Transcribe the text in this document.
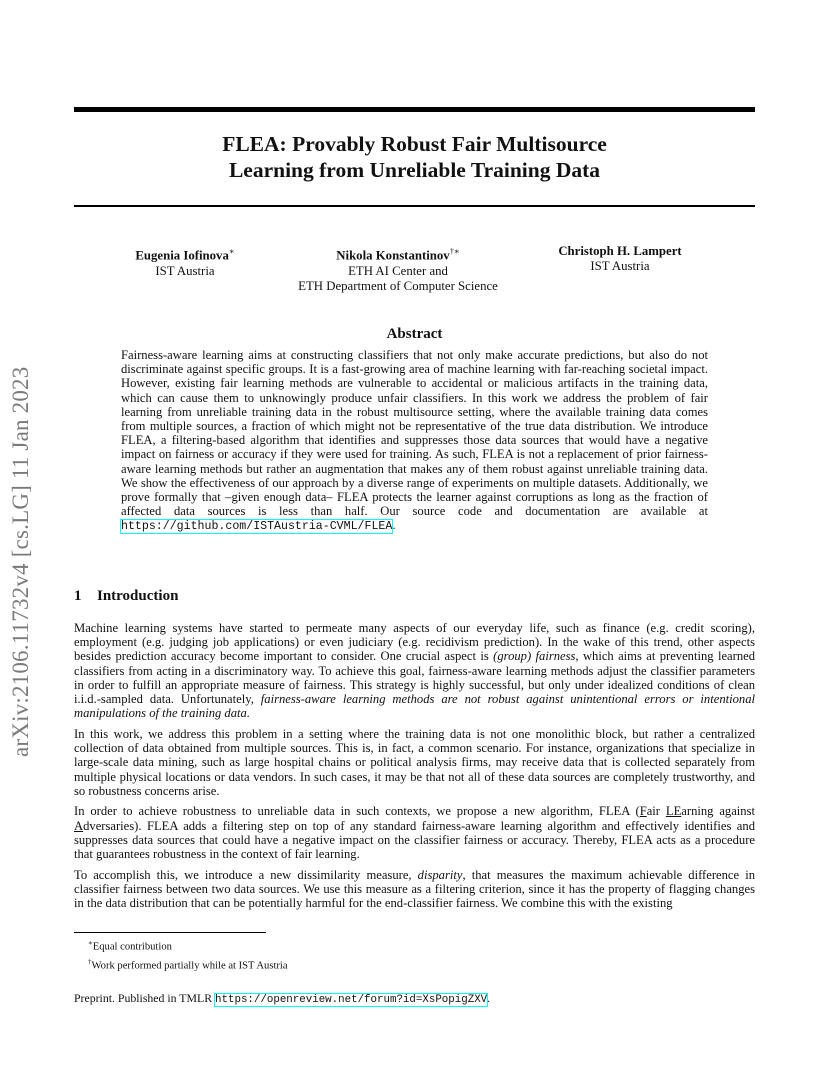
arXiv:2106.11732v4 [cs.LG] 11 Jan 2023
FLEA: Provably Robust Fair Multisource
Learning from Unreliable Training Data
Eugenia Iofinova∗
IST Austria
Nikola Konstantinov†∗
ETH AI Center and
ETH Department of Computer Science
Christoph H. Lampert
IST Austria
Abstract

Fairness-aware learning aims at constructing classifiers that not only make accurate predictions, but also do not discriminate against specific groups. It is a fast-growing area of machine learning with far-reaching societal impact. However, existing fair learning methods are vulnerable to accidental or malicious artifacts in the training data, which can cause them to unknowingly produce unfair classifiers. In this work we address the problem of fair learning from unreliable training data in the robust multisource setting, where the available training data comes from multiple sources, a fraction of which might not be representative of the true data distribution. We introduce FLEA, a filtering-based algorithm that identifies and suppresses those data sources that would have a negative impact on fairness or accuracy if they were used for training. As such, FLEA is not a replacement of prior fairness-aware learning methods but rather an augmentation that makes any of them robust against unreliable training data. We show the effectiveness of our approach by a diverse range of experiments on multiple datasets. Additionally, we prove formally that –given enough data– FLEA protects the learner against corruptions as long as the fraction of affected data sources is less than half. Our source code and documentation are available at https://github.com/ISTAustria-CVML/FLEA.

1 Introduction

Machine learning systems have started to permeate many aspects of our everyday life, such as finance (e.g. credit scoring), employment (e.g. judging job applications) or even judiciary (e.g. recidivism prediction). In the wake of this trend, other aspects besides prediction accuracy become important to consider. One crucial aspect is (group) fairness, which aims at preventing learned classifiers from acting in a discriminatory way. To achieve this goal, fairness-aware learning methods adjust the classifier parameters in order to fulfill an appropriate measure of fairness. This strategy is highly successful, but only under idealized conditions of clean i.i.d.-sampled data. Unfortunately, fairness-aware learning methods are not robust against unintentional errors or intentional manipulations of the training data.

In this work, we address this problem in a setting where the training data is not one monolithic block, but rather a centralized collection of data obtained from multiple sources. This is, in fact, a common scenario. For instance, organizations that specialize in large-scale data mining, such as large hospital chains or political analysis firms, may receive data that is collected separately from multiple physical locations or data vendors. In such cases, it may be that not all of these data sources are completely trustworthy, and so robustness concerns arise.

In order to achieve robustness to unreliable data in such contexts, we propose a new algorithm, FLEA (Fair LEarning against Adversaries). FLEA adds a filtering step on top of any standard fairness-aware learning algorithm and effectively identifies and suppresses data sources that could have a negative impact on the classifier fairness or accuracy. Thereby, FLEA acts as a procedure that guarantees robustness in the context of fair learning.

To accomplish this, we introduce a new dissimilarity measure, disparity, that measures the maximum achievable difference in classifier fairness between two data sources. We use this measure as a filtering criterion, since it has the property of flagging changes in the data distribution that can be potentially harmful for the end-classifier fairness. We combine this with the existing

∗Equal contribution
†Work performed partially while at IST Austria
Preprint. Published in TMLR https://openreview.net/forum?id=XsPopigZXV.
